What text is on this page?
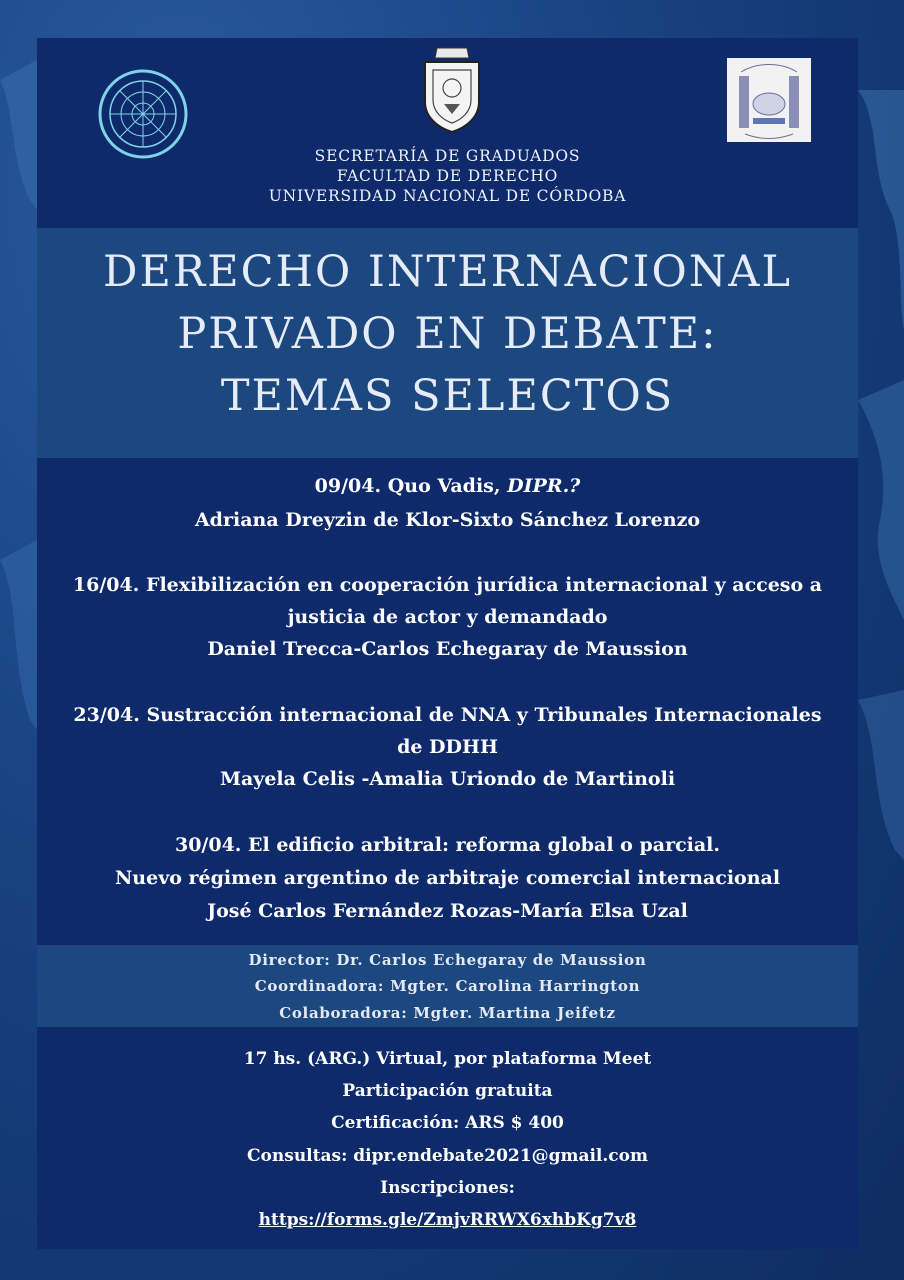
SECRETARÍA DE GRADUADOS
FACULTAD DE DERECHO
UNIVERSIDAD NACIONAL DE CÓRDOBA
DERECHO INTERNACIONAL
PRIVADO EN DEBATE:
TEMAS SELECTOS
09/04. Quo Vadis, DIPR.?
Adriana Dreyzin de Klor-Sixto Sánchez Lorenzo
16/04. Flexibilización en cooperación jurídica internacional y acceso a
justicia de actor y demandado
Daniel Trecca-Carlos Echegaray de Maussion
23/04. Sustracción internacional de NNA y Tribunales Internacionales
de DDHH
Mayela Celis -Amalia Uriondo de Martinoli
30/04. El edificio arbitral: reforma global o parcial.
Nuevo régimen argentino de arbitraje comercial internacional
José Carlos Fernández Rozas-María Elsa Uzal
Director: Dr. Carlos Echegaray de Maussion
Coordinadora: Mgter. Carolina Harrington
Colaboradora: Mgter. Martina Jeifetz
17 hs. (ARG.) Virtual, por plataforma Meet
Participación gratuita
Certificación: ARS $ 400
Consultas: dipr.endebate2021@gmail.com
Inscripciones:
https://forms.gle/ZmjvRRWX6xhbKg7v8
